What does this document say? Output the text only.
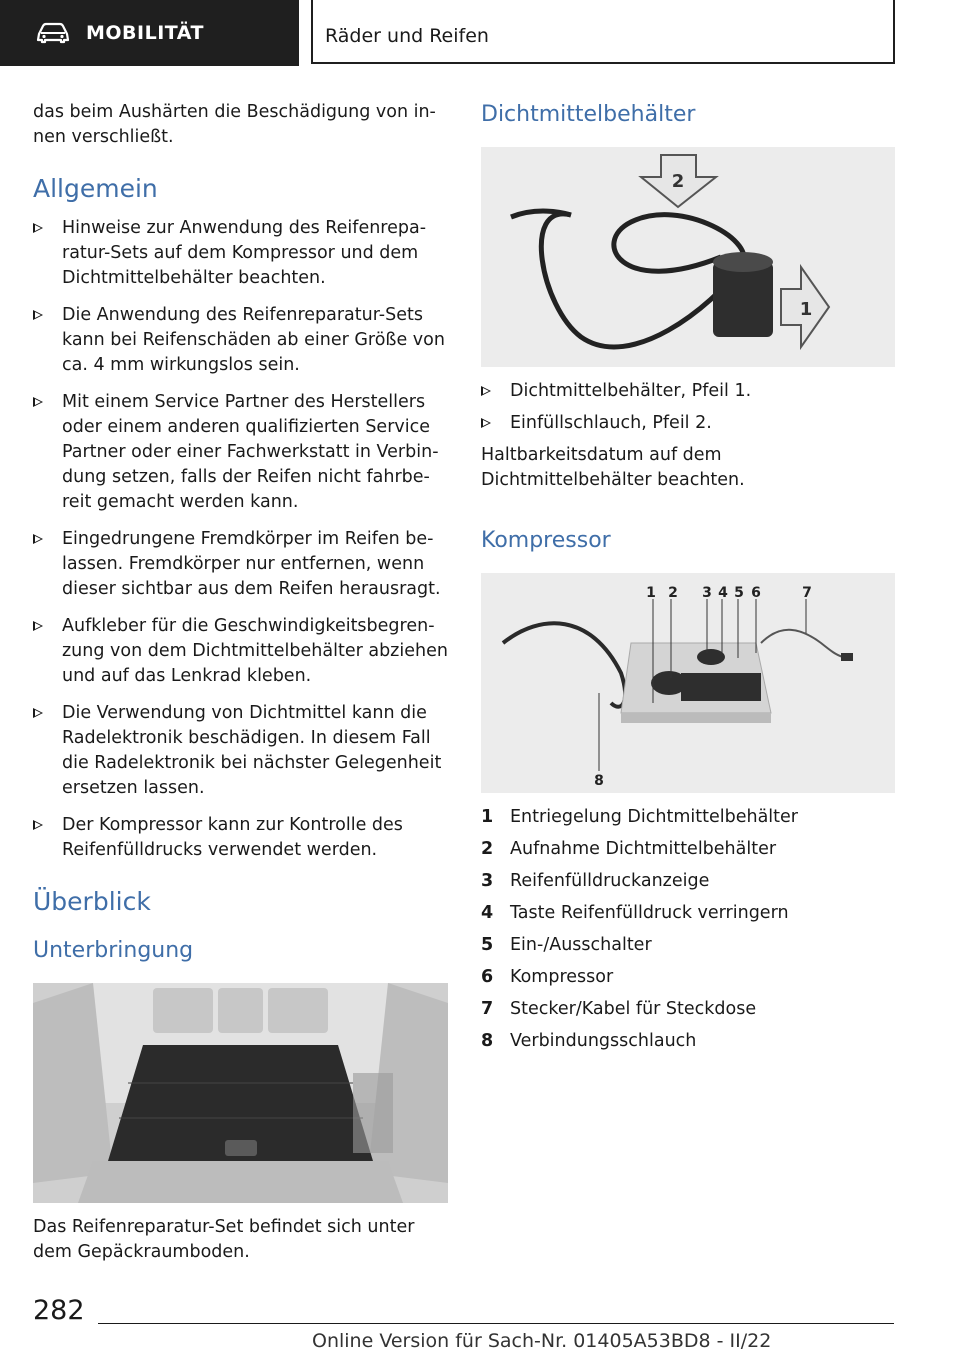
MOBILITÄT	Räder und Reifen

das beim Aushärten die Beschädigung von in-nen verschließt.

Allgemein
Hinweise zur Anwendung des Reifenrepa-ratur-Sets auf dem Kompressor und dem Dichtmittelbehälter beachten.
Die Anwendung des Reifenreparatur-Sets kann bei Reifenschäden ab einer Größe von ca. 4 mm wirkungslos sein.
Mit einem Service Partner des Herstellers oder einem anderen qualifizierten Service Partner oder einer Fachwerkstatt in Verbin-dung setzen, falls der Reifen nicht fahrbe-reit gemacht werden kann.
Eingedrungene Fremdkörper im Reifen be-lassen. Fremdkörper nur entfernen, wenn dieser sichtbar aus dem Reifen herausragt.
Aufkleber für die Geschwindigkeitsbegren-zung von dem Dichtmittelbehälter abziehen und auf das Lenkrad kleben.
Die Verwendung von Dichtmittel kann die Radelektronik beschädigen. In diesem Fall die Radelektronik bei nächster Gelegenheit ersetzen lassen.
Der Kompressor kann zur Kontrolle des Reifenfülldrucks verwendet werden.
Überblick
Unterbringung

Das Reifenreparatur-Set befindet sich unter dem Gepäckraumboden.

Dichtmittelbehälter
2
1
Dichtmittelbehälter, Pfeil 1.
Einfüllschlauch, Pfeil 2.

Haltbarkeitsdatum auf dem Dichtmittelbehälter beachten.

Kompressor
1 2 3 4 5 6	7
8
1 Entriegelung Dichtmittelbehälter
2 Aufnahme Dichtmittelbehälter
3 Reifenfülldruckanzeige
4 Taste Reifenfülldruck verringern
5 Ein-/Ausschalter
6 Kompressor
7 Stecker/Kabel für Steckdose
8 Verbindungsschlauch
282
Online Version für Sach-Nr. 01405A53BD8 - II/22
